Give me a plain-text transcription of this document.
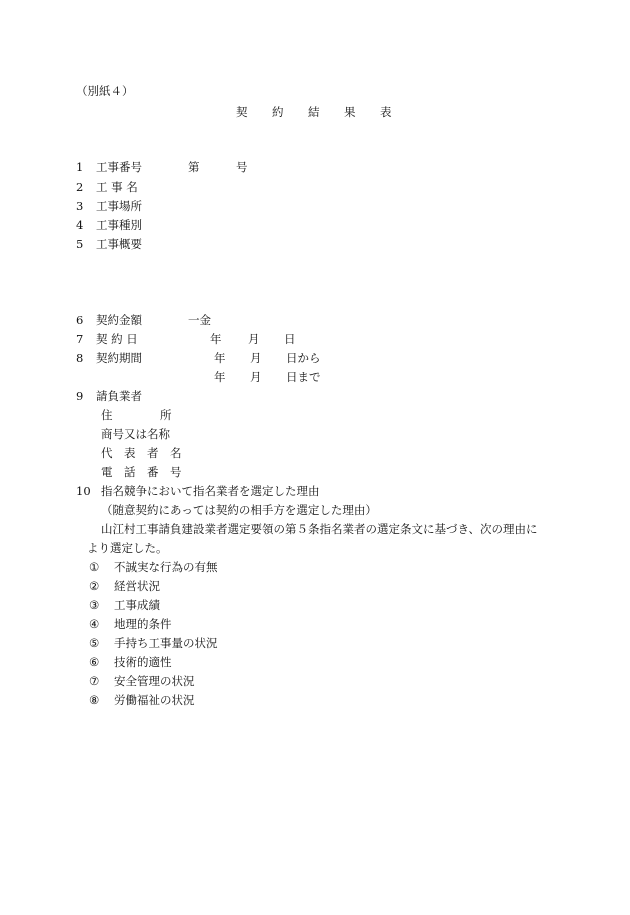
（別紙４）
契	約	結	果	表
1 工事番号	第	号
2 工 事 名
3 工事場所
4 工事種別
5 工事概要
6 契約金額	一金
7 契 約 日	年 月 日
8 契約期間	年 月 日から
年 月 日まで
9 請負業者
住	所
商号又は名称
代　表　者　名
電　話　番　号
10 指名競争において指名業者を選定した理由
（随意契約にあっては契約の相手方を選定した理由）
山江村工事請負建設業者選定要領の第５条指名業者の選定条文に基づき、次の理由に
より選定した。
① 不誠実な行為の有無
② 経営状況
③ 工事成績
④ 地理的条件
⑤ 手持ち工事量の状況
⑥ 技術的適性
⑦ 安全管理の状況
⑧ 労働福祉の状況
